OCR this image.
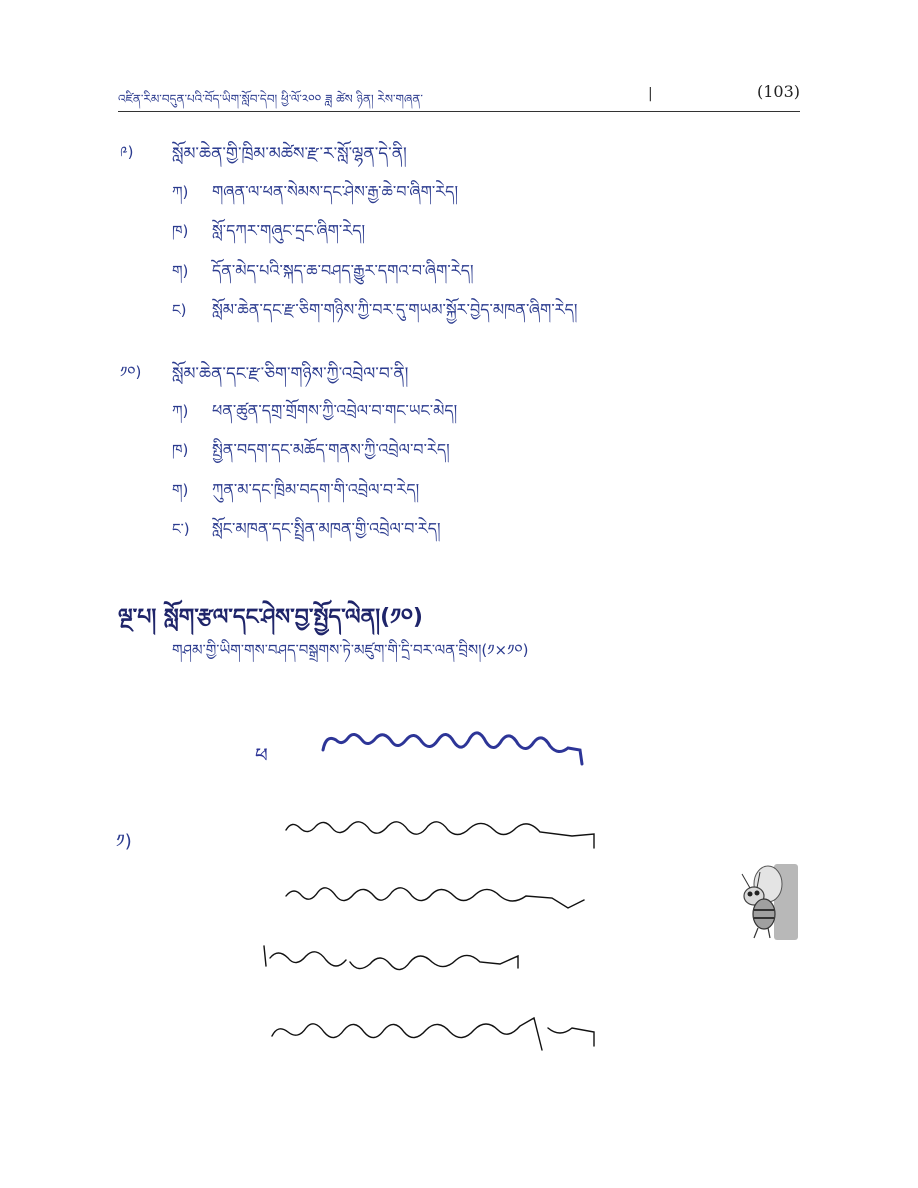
འཛིན་རིམ་བདུན་པའི་བོད་ཡིག་སློབ་དེབ། ཕྱི་ལོ་༢༠༠ ཟླ ཚེས ཉིན། རེས་གཞན་	|	(103)
༩) སློམ་ཆེན་གྱི་ཁྲིམ་མཚེས་རྫ་ར་སློ་ལྷན་དེ་ནི།
ཀ)	གཞན་ལ་ཕན་སེམས་དང་ཤེས་རྒྱ་ཆེ་བ་ཞིག་རེད།
ཁ)	སློ་དཀར་གཞུང་དྲང་ཞིག་རེད།
ག)	དོན་མེད་པའི་སྐད་ཆ་བཤད་རྒྱུར་དགའ་བ་ཞིག་རེད།
ང)	སློམ་ཆེན་དང་རྫ་ཅིག་གཉིས་ཀྱི་བར་དུ་གཡམ་སྐྱོར་བྱེད་མཁན་ཞིག་རེད།
༡༠) སློམ་ཆེན་དང་རྫ་ཅིག་གཉིས་ཀྱི་འབྲེལ་བ་ནི།
ཀ)	ཕན་ཚུན་དགྲ་གྲོགས་ཀྱི་འབྲེལ་བ་གང་ཡང་མེད།
ཁ)	སྤྱིན་བདག་དང་མཆོད་གནས་ཀྱི་འབྲེལ་བ་རེད།
ག)	ཀུན་མ་དང་ཁྲིམ་བདག་གི་འབྲེལ་བ་རེད།
ང་)	སློང་མཁན་དང་སྤྲིན་མཁན་གྱི་འབྲེལ་བ་རེད།
ལྔ་པ། སློག་རྩལ་དང་ཤེས་བྱ་སྤྱོད་ལེན།(༡༠)
གཤམ་གྱི་ཡིག་གས་བཤད་བསྒྲགས་ཏེ་མཛུག་གི་དྲི་བར་ལན་བྲིས།(༡×༡༠)
ཕ
༡)
